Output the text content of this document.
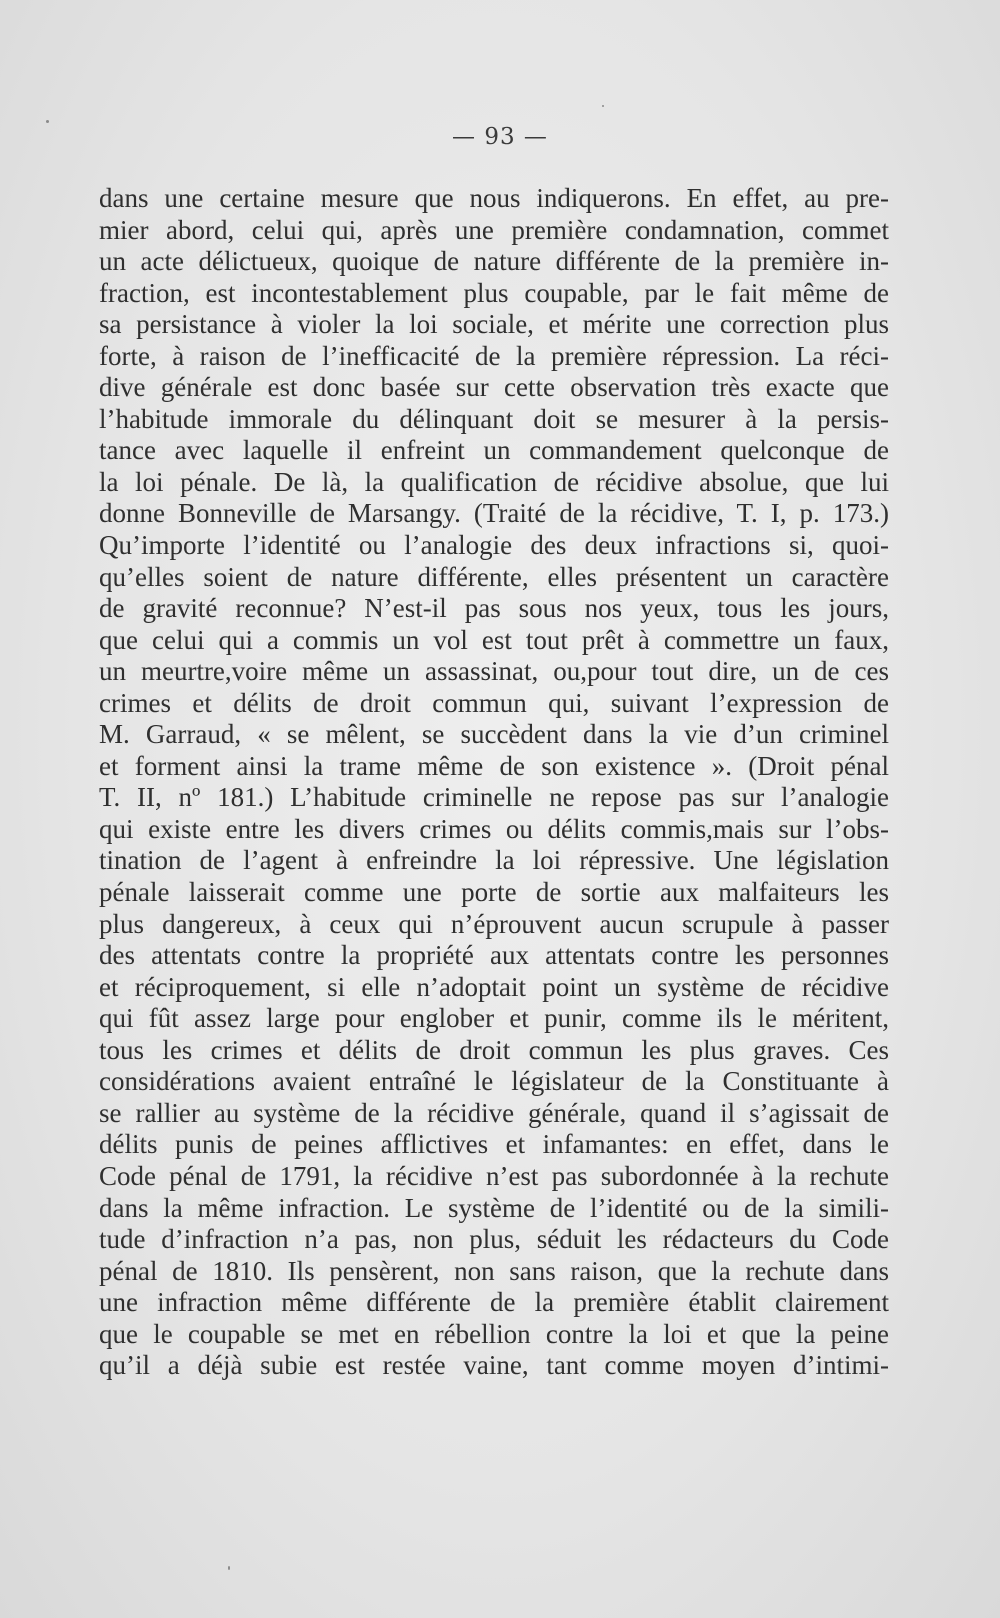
— 93 —
dans une certaine mesure que nous indiquerons. En effet, au pre-
mier abord, celui qui, après une première condamnation, commet
un acte délictueux, quoique de nature différente de la première in-
fraction, est incontestablement plus coupable, par le fait même de
sa persistance à violer la loi sociale, et mérite une correction plus
forte, à raison de l’inefficacité de la première répression. La réci-
dive générale est donc basée sur cette observation très exacte que
l’habitude immorale du délinquant doit se mesurer à la persis-
tance avec laquelle il enfreint un commandement quelconque de
la loi pénale. De là, la qualification de récidive absolue, que lui
donne Bonneville de Marsangy. (Traité de la récidive, T. I, p. 173.)
Qu’importe l’identité ou l’analogie des deux infractions si, quoi-
qu’elles soient de nature différente, elles présentent un caractère
de gravité reconnue? N’est-il pas sous nos yeux, tous les jours,
que celui qui a commis un vol est tout prêt à commettre un faux,
un meurtre,voire même un assassinat, ou,pour tout dire, un de ces
crimes et délits de droit commun qui, suivant l’expression de
M. Garraud, « se mêlent, se succèdent dans la vie d’un criminel
et forment ainsi la trame même de son existence ». (Droit pénal
T. II, nº 181.) L’habitude criminelle ne repose pas sur l’analogie
qui existe entre les divers crimes ou délits commis,mais sur l’obs-
tination de l’agent à enfreindre la loi répressive. Une législation
pénale laisserait comme une porte de sortie aux malfaiteurs les
plus dangereux, à ceux qui n’éprouvent aucun scrupule à passer
des attentats contre la propriété aux attentats contre les personnes
et réciproquement, si elle n’adoptait point un système de récidive
qui fût assez large pour englober et punir, comme ils le méritent,
tous les crimes et délits de droit commun les plus graves. Ces
considérations avaient entraîné le législateur de la Constituante à
se rallier au système de la récidive générale, quand il s’agissait de
délits punis de peines afflictives et infamantes: en effet, dans le
Code pénal de 1791, la récidive n’est pas subordonnée à la rechute
dans la même infraction. Le système de l’identité ou de la simili-
tude d’infraction n’a pas, non plus, séduit les rédacteurs du Code
pénal de 1810. Ils pensèrent, non sans raison, que la rechute dans
une infraction même différente de la première établit clairement
que le coupable se met en rébellion contre la loi et que la peine
qu’il a déjà subie est restée vaine, tant comme moyen d’intimi-
